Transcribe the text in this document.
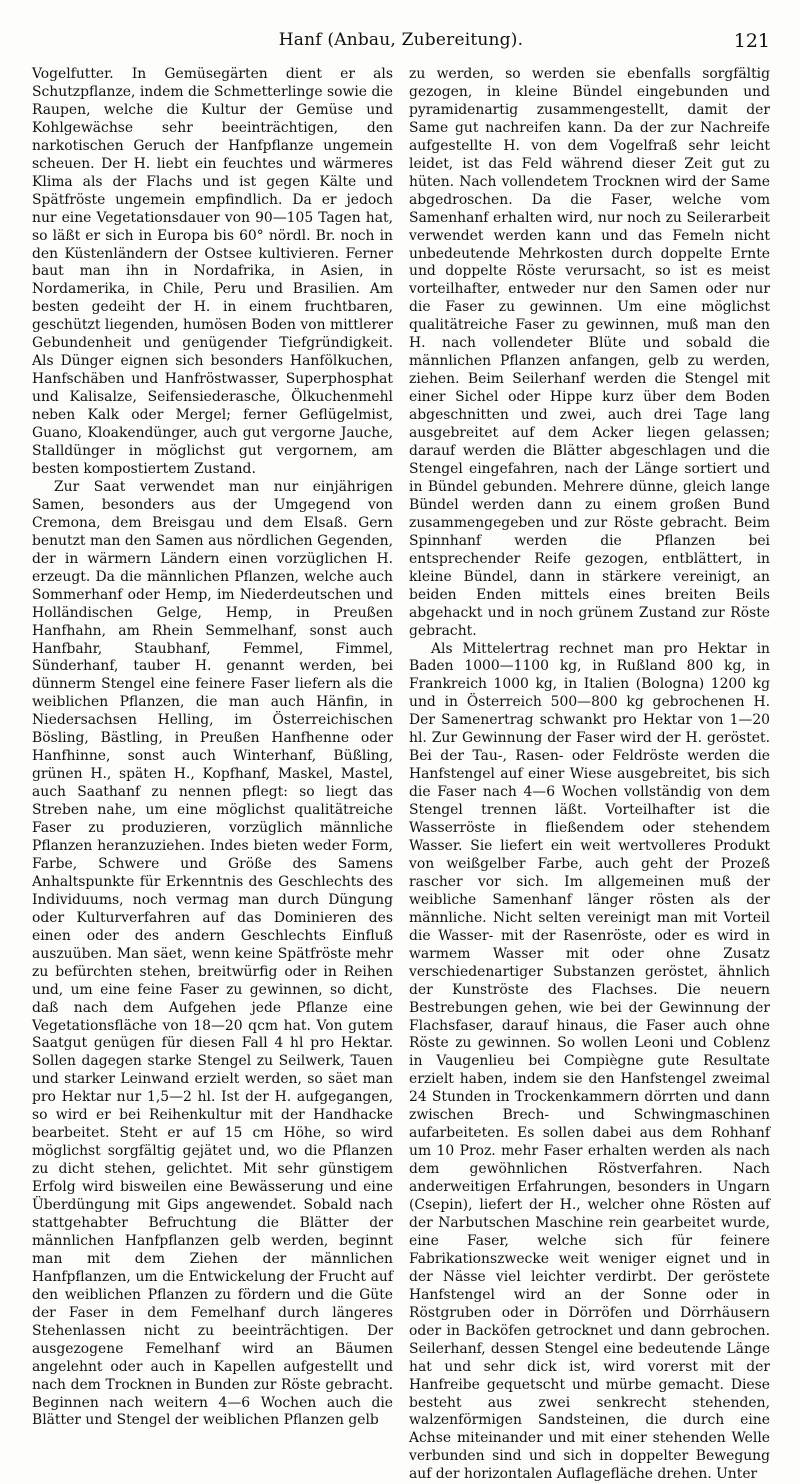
Hanf (Anbau, Zubereitung).	121

Vogelfutter. In Gemüsegärten dient er als Schutzpflanze, indem die Schmetterlinge sowie die Raupen, welche die Kultur der Gemüse und Kohlgewächse sehr beeinträchtigen, den narkotischen Geruch der Hanfpflanze ungemein scheuen. Der H. liebt ein feuchtes und wärmeres Klima als der Flachs und ist gegen Kälte und Spätfröste ungemein empfindlich. Da er jedoch nur eine Vegetationsdauer von 90—105 Tagen hat, so läßt er sich in Europa bis 60° nördl. Br. noch in den Küstenländern der Ostsee kultivieren. Ferner baut man ihn in Nordafrika, in Asien, in Nordamerika, in Chile, Peru und Brasilien. Am besten gedeiht der H. in einem fruchtbaren, geschützt liegenden, humösen Boden von mittlerer Gebundenheit und genügender Tiefgründigkeit. Als Dünger eignen sich besonders Hanfölkuchen, Hanfschäben und Hanfröstwasser, Superphosphat und Kalisalze, Seifensiederasche, Ölkuchenmehl neben Kalk oder Mergel; ferner Geflügelmist, Guano, Kloakendünger, auch gut vergorne Jauche, Stalldünger in möglichst gut vergornem, am besten kompostiertem Zustand.

Zur Saat verwendet man nur einjährigen Samen, besonders aus der Umgegend von Cremona, dem Breisgau und dem Elsaß. Gern benutzt man den Samen aus nördlichen Gegenden, der in wärmern Ländern einen vorzüglichen H. erzeugt. Da die männlichen Pflanzen, welche auch Sommerhanf oder Hemp, im Niederdeutschen und Holländischen Gelge, Hemp, in Preußen Hanfhahn, am Rhein Semmelhanf, sonst auch Hanfbahr, Staubhanf, Femmel, Fimmel, Sünderhanf, tauber H. genannt werden, bei dünnerm Stengel eine feinere Faser liefern als die weiblichen Pflanzen, die man auch Hänfin, in Niedersachsen Helling, im Österreichischen Bösling, Bästling, in Preußen Hanfhenne oder Hanfhinne, sonst auch Winterhanf, Büßling, grünen H., späten H., Kopfhanf, Maskel, Mastel, auch Saathanf zu nennen pflegt: so liegt das Streben nahe, um eine möglichst qualitätreiche Faser zu produzieren, vorzüglich männliche Pflanzen heranzuziehen. Indes bieten weder Form, Farbe, Schwere und Größe des Samens Anhaltspunkte für Erkenntnis des Geschlechts des Individuums, noch vermag man durch Düngung oder Kulturverfahren auf das Dominieren des einen oder des andern Geschlechts Einfluß auszuüben. Man säet, wenn keine Spätfröste mehr zu befürchten stehen, breitwürfig oder in Reihen und, um eine feine Faser zu gewinnen, so dicht, daß nach dem Aufgehen jede Pflanze eine Vegetationsfläche von 18—20 qcm hat. Von gutem Saatgut genügen für diesen Fall 4 hl pro Hektar. Sollen dagegen starke Stengel zu Seilwerk, Tauen und starker Leinwand erzielt werden, so säet man pro Hektar nur 1,5—2 hl. Ist der H. aufgegangen, so wird er bei Reihenkultur mit der Handhacke bearbeitet. Steht er auf 15 cm Höhe, so wird möglichst sorgfältig gejätet und, wo die Pflanzen zu dicht stehen, gelichtet. Mit sehr günstigem Erfolg wird bisweilen eine Bewässerung und eine Überdüngung mit Gips angewendet. Sobald nach stattgehabter Befruchtung die Blätter der männlichen Hanfpflanzen gelb werden, beginnt man mit dem Ziehen der männlichen Hanfpflanzen, um die Entwickelung der Frucht auf den weiblichen Pflanzen zu fördern und die Güte der Faser in dem Femelhanf durch längeres Stehenlassen nicht zu beeinträchtigen. Der ausgezogene Femelhanf wird an Bäumen angelehnt oder auch in Kapellen aufgestellt und nach dem Trocknen in Bunden zur Röste gebracht. Beginnen nach weitern 4—6 Wochen auch die Blätter und Stengel der weiblichen Pflanzen gelb

zu werden, so werden sie ebenfalls sorgfältig gezogen, in kleine Bündel eingebunden und pyramidenartig zusammengestellt, damit der Same gut nachreifen kann. Da der zur Nachreife aufgestellte H. von dem Vogelfraß sehr leicht leidet, ist das Feld während dieser Zeit gut zu hüten. Nach vollendetem Trocknen wird der Same abgedroschen. Da die Faser, welche vom Samenhanf erhalten wird, nur noch zu Seilerarbeit verwendet werden kann und das Femeln nicht unbedeutende Mehrkosten durch doppelte Ernte und doppelte Röste verursacht, so ist es meist vorteilhafter, entweder nur den Samen oder nur die Faser zu gewinnen. Um eine möglichst qualitätreiche Faser zu gewinnen, muß man den H. nach vollendeter Blüte und sobald die männlichen Pflanzen anfangen, gelb zu werden, ziehen. Beim Seilerhanf werden die Stengel mit einer Sichel oder Hippe kurz über dem Boden abgeschnitten und zwei, auch drei Tage lang ausgebreitet auf dem Acker liegen gelassen; darauf werden die Blätter abgeschlagen und die Stengel eingefahren, nach der Länge sortiert und in Bündel gebunden. Mehrere dünne, gleich lange Bündel werden dann zu einem großen Bund zusammengegeben und zur Röste gebracht. Beim Spinnhanf werden die Pflanzen bei entsprechender Reife gezogen, entblättert, in kleine Bündel, dann in stärkere vereinigt, an beiden Enden mittels eines breiten Beils abgehackt und in noch grünem Zustand zur Röste gebracht.

Als Mittelertrag rechnet man pro Hektar in Baden 1000—1100 kg, in Rußland 800 kg, in Frankreich 1000 kg, in Italien (Bologna) 1200 kg und in Österreich 500—800 kg gebrochenen H. Der Samenertrag schwankt pro Hektar von 1—20 hl. Zur Gewinnung der Faser wird der H. geröstet. Bei der Tau-, Rasen- oder Feldröste werden die Hanfstengel auf einer Wiese ausgebreitet, bis sich die Faser nach 4—6 Wochen vollständig von dem Stengel trennen läßt. Vorteilhafter ist die Wasserröste in fließendem oder stehendem Wasser. Sie liefert ein weit wertvolleres Produkt von weißgelber Farbe, auch geht der Prozeß rascher vor sich. Im allgemeinen muß der weibliche Samenhanf länger rösten als der männliche. Nicht selten vereinigt man mit Vorteil die Wasser- mit der Rasenröste, oder es wird in warmem Wasser mit oder ohne Zusatz verschiedenartiger Substanzen geröstet, ähnlich der Kunströste des Flachses. Die neuern Bestrebungen gehen, wie bei der Gewinnung der Flachsfaser, darauf hinaus, die Faser auch ohne Röste zu gewinnen. So wollen Leoni und Coblenz in Vaugenlieu bei Compiègne gute Resultate erzielt haben, indem sie den Hanfstengel zweimal 24 Stunden in Trockenkammern dörrten und dann zwischen Brech- und Schwingmaschinen aufarbeiteten. Es sollen dabei aus dem Rohhanf um 10 Proz. mehr Faser erhalten werden als nach dem gewöhnlichen Röstverfahren. Nach anderweitigen Erfahrungen, besonders in Ungarn (Csepin), liefert der H., welcher ohne Rösten auf der Narbutschen Maschine rein gearbeitet wurde, eine Faser, welche sich für feinere Fabrikationszwecke weit weniger eignet und in der Nässe viel leichter verdirbt. Der geröstete Hanfstengel wird an der Sonne oder in Röstgruben oder in Dörröfen und Dörrhäusern oder in Backöfen getrocknet und dann gebrochen. Seilerhanf, dessen Stengel eine bedeutende Länge hat und sehr dick ist, wird vorerst mit der Hanfreibe gequetscht und mürbe gemacht. Diese besteht aus zwei senkrecht stehenden, walzenförmigen Sandsteinen, die durch eine Achse miteinander und mit einer stehenden Welle verbunden sind und sich in doppelter Bewegung auf der horizontalen Auflagefläche drehen. Unter
